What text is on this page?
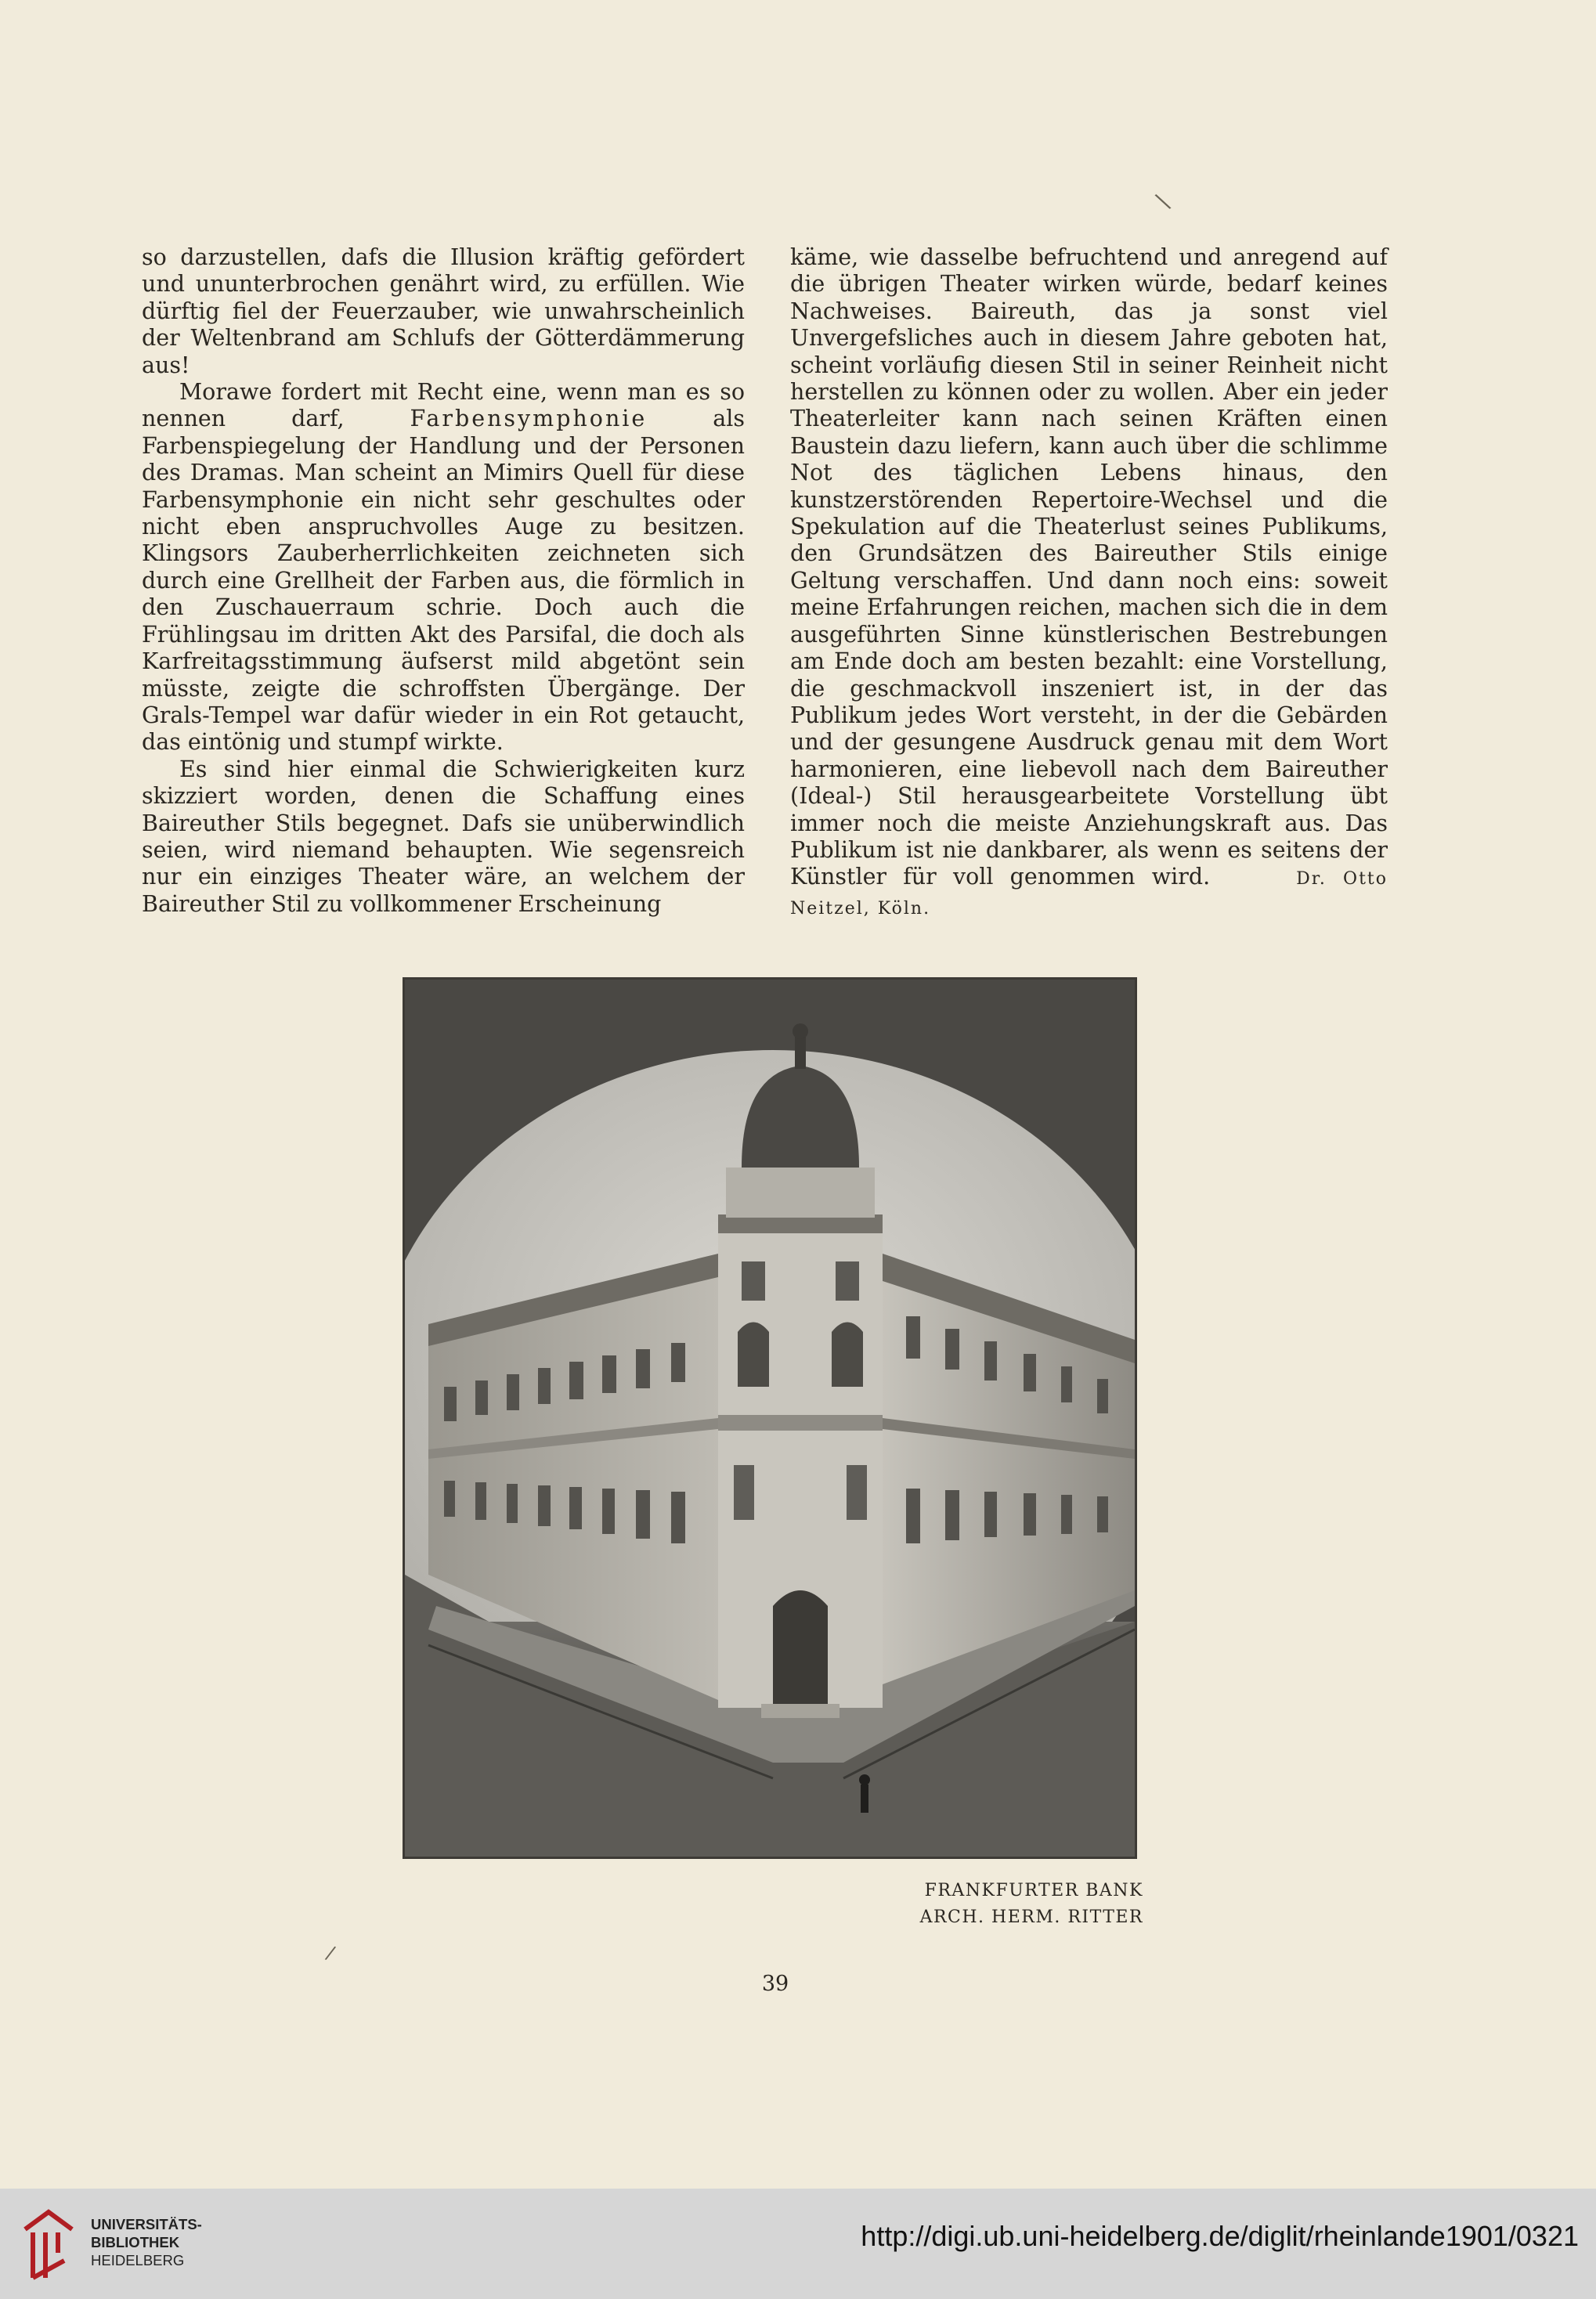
\
/

so darzustellen, dafs die Illusion kräftig gefördert und ununterbrochen genährt wird, zu erfüllen. Wie dürftig fiel der Feuerzauber, wie unwahrscheinlich der Weltenbrand am Schlufs der Götterdämmerung aus!

Morawe fordert mit Recht eine, wenn man es so nennen darf, Farbensymphonie als Farbenspiegelung der Handlung und der Personen des Dramas. Man scheint an Mimirs Quell für diese Farbensymphonie ein nicht sehr geschultes oder nicht eben anspruchvolles Auge zu besitzen. Klingsors Zauberherrlichkeiten zeichneten sich durch eine Grellheit der Farben aus, die förmlich in den Zuschauerraum schrie. Doch auch die Frühlingsau im dritten Akt des Parsifal, die doch als Karfreitagsstimmung äufserst mild abgetönt sein müsste, zeigte die schroffsten Übergänge. Der Grals-Tempel war dafür wieder in ein Rot getaucht, das eintönig und stumpf wirkte.

Es sind hier einmal die Schwierigkeiten kurz skizziert worden, denen die Schaffung eines Baireuther Stils begegnet. Dafs sie unüberwindlich seien, wird niemand behaupten. Wie segensreich nur ein einziges Theater wäre, an welchem der Baireuther Stil zu vollkommener Erscheinung

käme, wie dasselbe befruchtend und anregend auf die übrigen Theater wirken würde, bedarf keines Nachweises. Baireuth, das ja sonst viel Unvergefsliches auch in diesem Jahre geboten hat, scheint vorläufig diesen Stil in seiner Reinheit nicht herstellen zu können oder zu wollen. Aber ein jeder Theaterleiter kann nach seinen Kräften einen Baustein dazu liefern, kann auch über die schlimme Not des täglichen Lebens hinaus, den kunstzerstörenden Repertoire-Wechsel und die Spekulation auf die Theaterlust seines Publikums, den Grundsätzen des Baireuther Stils einige Geltung verschaffen. Und dann noch eins: soweit meine Erfahrungen reichen, machen sich die in dem ausgeführten Sinne künstlerischen Bestrebungen am Ende doch am besten bezahlt: eine Vorstellung, die geschmackvoll inszeniert ist, in der das Publikum jedes Wort versteht, in der die Gebärden und der gesungene Ausdruck genau mit dem Wort harmonieren, eine liebevoll nach dem Baireuther (Ideal-) Stil herausgearbeitete Vorstellung übt immer noch die meiste Anziehungskraft aus. Das Publikum ist nie dankbarer, als wenn es seitens der Künstler für voll genommen wird.	Dr. Otto Neitzel, Köln.

FRANKFURTER BANK
ARCH. HERM. RITTER
39
UNIVERSITÄTS-
BIBLIOTHEK
HEIDELBERG
http://digi.ub.uni-heidelberg.de/diglit/rheinlande1901/0321
